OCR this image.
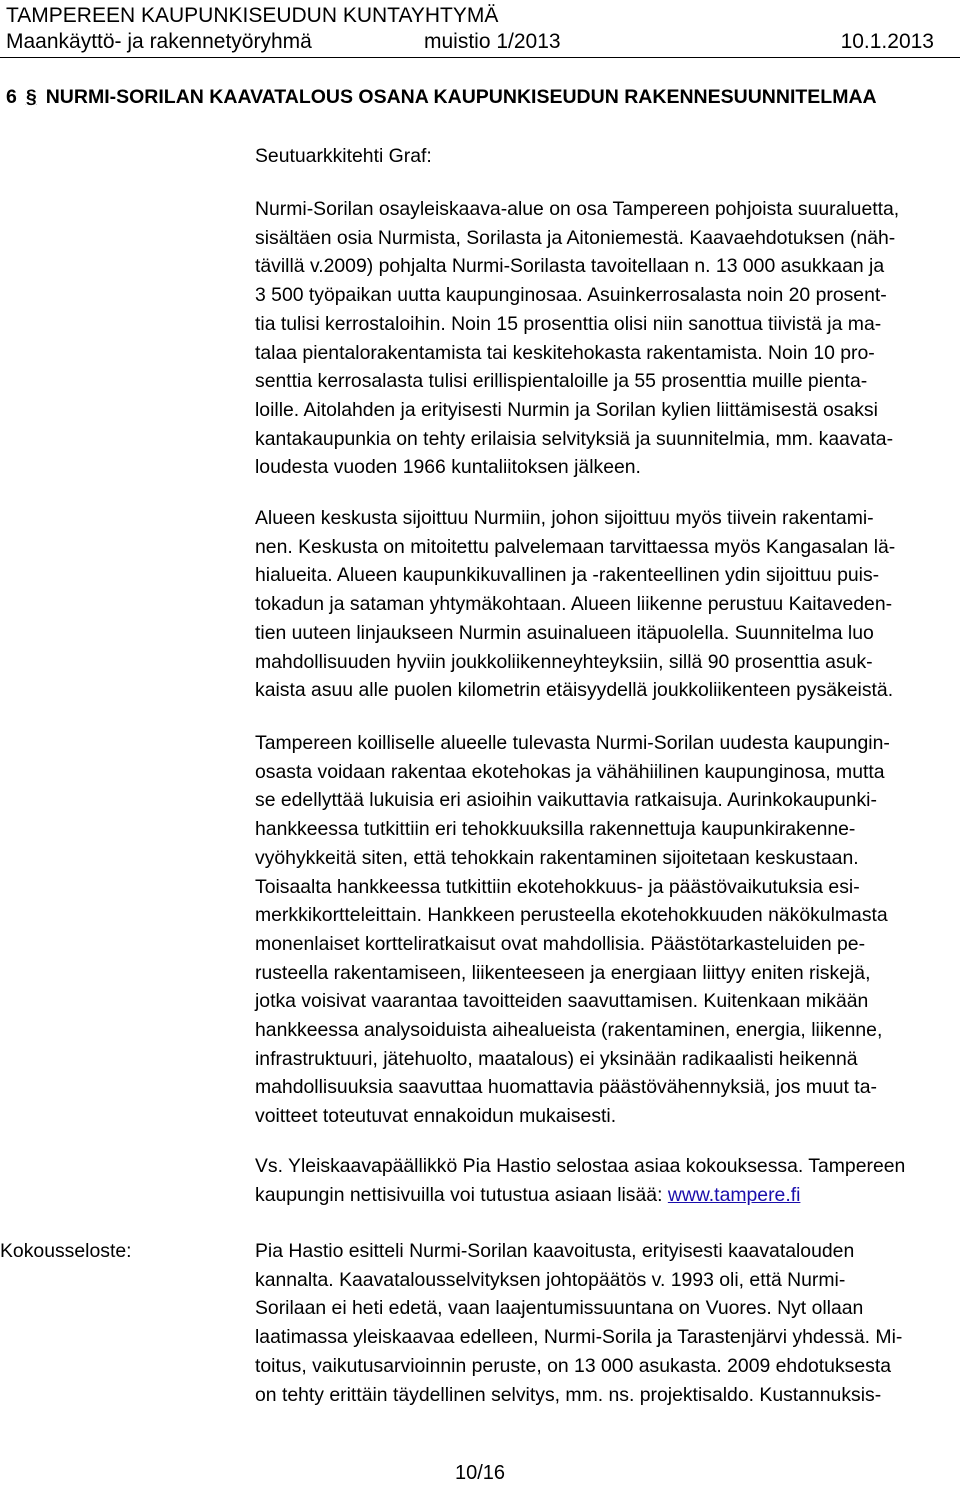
TAMPEREEN KAUPUNKISEUDUN KUNTAYHTYMÄ
Maankäyttö- ja rakennetyöryhmä	muistio 1/2013	10.1.2013
6 § NURMI-SORILAN KAAVATALOUS OSANA KAUPUNKISEUDUN RAKENNESUUNNITELMAA
Seutuarkkitehti Graf:
Nurmi-Sorilan osayleiskaava-alue on osa Tampereen pohjoista suuraluetta,
sisältäen osia Nurmista, Sorilasta ja Aitoniemestä. Kaavaehdotuksen (näh-
tävillä v.2009) pohjalta Nurmi-Sorilasta tavoitellaan n. 13 000 asukkaan ja
3 500 työpaikan uutta kaupunginosaa. Asuinkerrosalasta noin 20 prosent-
tia tulisi kerrostaloihin. Noin 15 prosenttia olisi niin sanottua tiivistä ja ma-
talaa pientalorakentamista tai keskitehokasta rakentamista. Noin 10 pro-
senttia kerrosalasta tulisi erillispientaloille ja 55 prosenttia muille pienta-
loille. Aitolahden ja erityisesti Nurmin ja Sorilan kylien liittämisestä osaksi
kantakaupunkia on tehty erilaisia selvityksiä ja suunnitelmia, mm. kaavata-
loudesta vuoden 1966 kuntaliitoksen jälkeen.
Alueen keskusta sijoittuu Nurmiin, johon sijoittuu myös tiivein rakentami-
nen. Keskusta on mitoitettu palvelemaan tarvittaessa myös Kangasalan lä-
hialueita. Alueen kaupunkikuvallinen ja -rakenteellinen ydin sijoittuu puis-
tokadun ja sataman yhtymäkohtaan. Alueen liikenne perustuu Kaitaveden-
tien uuteen linjaukseen Nurmin asuinalueen itäpuolella. Suunnitelma luo
mahdollisuuden hyviin joukkoliikenneyhteyksiin, sillä 90 prosenttia asuk-
kaista asuu alle puolen kilometrin etäisyydellä joukkoliikenteen pysäkeistä.
Tampereen koilliselle alueelle tulevasta Nurmi-Sorilan uudesta kaupungin-
osasta voidaan rakentaa ekotehokas ja vähähiilinen kaupunginosa, mutta
se edellyttää lukuisia eri asioihin vaikuttavia ratkaisuja. Aurinkokaupunki-
hankkeessa tutkittiin eri tehokkuuksilla rakennettuja kaupunkirakenne-
vyöhykkeitä siten, että tehokkain rakentaminen sijoitetaan keskustaan.
Toisaalta hankkeessa tutkittiin ekotehokkuus- ja päästövaikutuksia esi-
merkkikortteleittain. Hankkeen perusteella ekotehokkuuden näkökulmasta
monenlaiset kortteliratkaisut ovat mahdollisia. Päästötarkasteluiden pe-
rusteella rakentamiseen, liikenteeseen ja energiaan liittyy eniten riskejä,
jotka voisivat vaarantaa tavoitteiden saavuttamisen. Kuitenkaan mikään
hankkeessa analysoiduista aihealueista (rakentaminen, energia, liikenne,
infrastruktuuri, jätehuolto, maatalous) ei yksinään radikaalisti heikennä
mahdollisuuksia saavuttaa huomattavia päästövähennyksiä, jos muut ta-
voitteet toteutuvat ennakoidun mukaisesti.
Vs. Yleiskaavapäällikkö Pia Hastio selostaa asiaa kokouksessa. Tampereen
kaupungin nettisivuilla voi tutustua asiaan lisää: www.tampere.fi
Kokousseloste:	Pia Hastio esitteli Nurmi-Sorilan kaavoitusta, erityisesti kaavatalouden
kannalta. Kaavatalousselvityksen johtopäätös v. 1993 oli, että Nurmi-
Sorilaan ei heti edetä, vaan laajentumissuuntana on Vuores. Nyt ollaan
laatimassa yleiskaavaa edelleen, Nurmi-Sorila ja Tarastenjärvi yhdessä. Mi-
toitus, vaikutusarvioinnin peruste, on 13 000 asukasta. 2009 ehdotuksesta
on tehty erittäin täydellinen selvitys, mm. ns. projektisaldo. Kustannuksis-
10/16
